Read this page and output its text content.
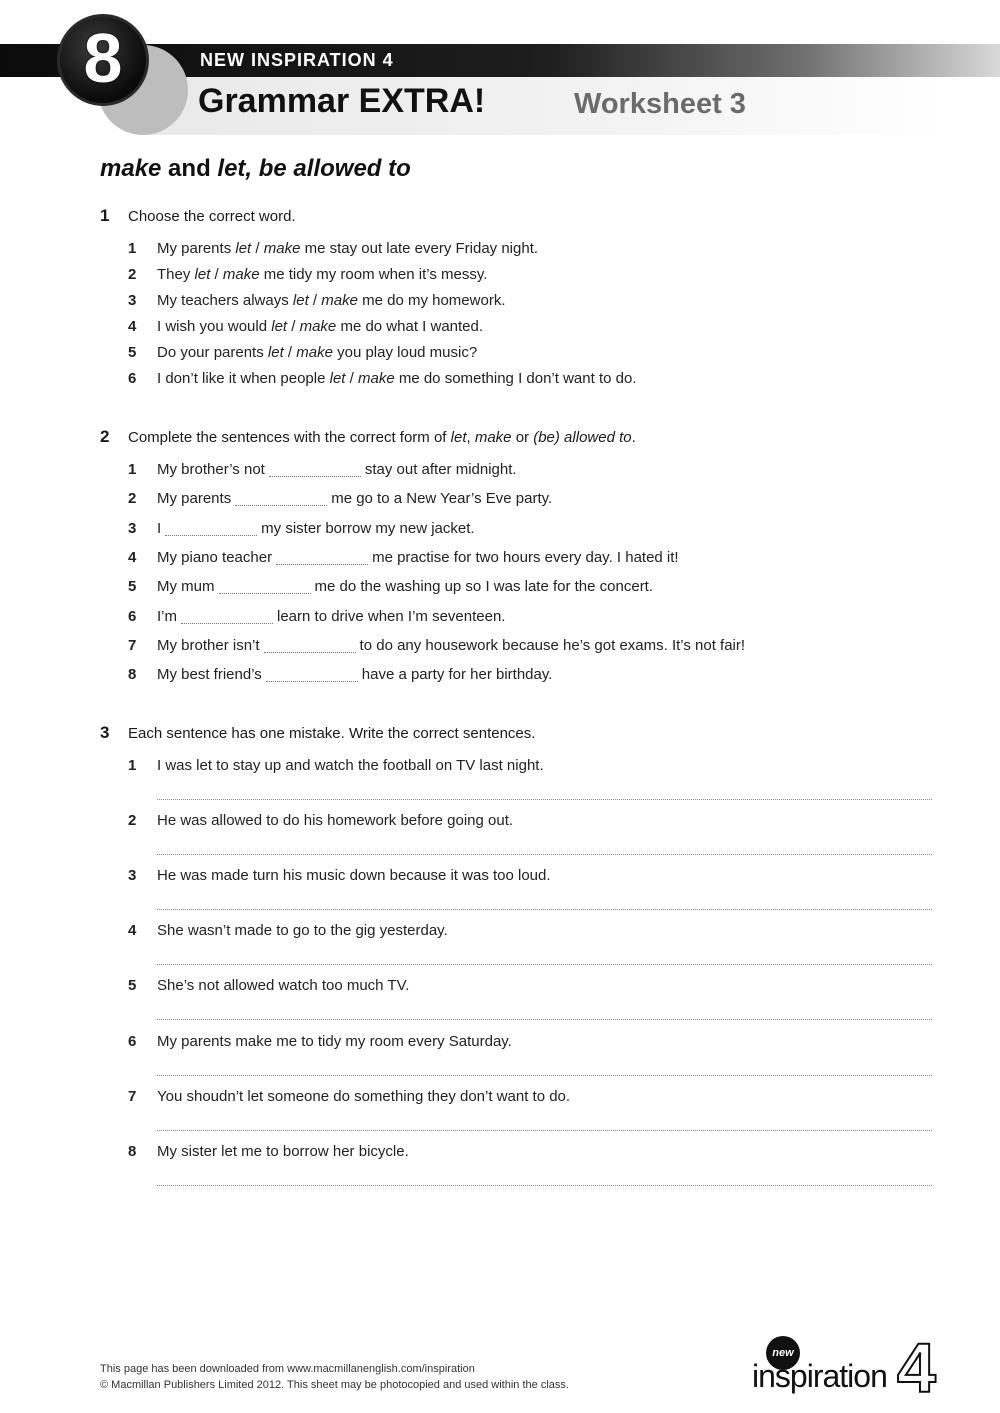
8	NEW INSPIRATION 4
Grammar EXTRA!	Worksheet 3
make and let, be allowed to
1 Choose the correct word.
1 My parents let / make me stay out late every Friday night.
2 They let / make me tidy my room when it’s messy.
3 My teachers always let / make me do my homework.
4 I wish you would let / make me do what I wanted.
5 Do your parents let / make you play loud music?
6 I don’t like it when people let / make me do something I don’t want to do.
2 Complete the sentences with the correct form of let, make or (be) allowed to.
1 My brother’s not	stay out after midnight.
2 My parents	me go to a New Year’s Eve party.
3 I	my sister borrow my new jacket.
4 My piano teacher	me practise for two hours every day. I hated it!
5 My mum	me do the washing up so I was late for the concert.
6 I’m	learn to drive when I’m seventeen.
7 My brother isn’t	to do any housework because he’s got exams. It’s not fair!
8 My best friend’s	have a party for her birthday.
3 Each sentence has one mistake. Write the correct sentences.
1 I was let to stay up and watch the football on TV last night.
2 He was allowed to do his homework before going out.
3 He was made turn his music down because it was too loud.
4 She wasn’t made to go to the gig yesterday.
5 She’s not allowed watch too much TV.
6 My parents make me to tidy my room every Saturday.
7 You shoudn’t let someone do something they don’t want to do.
8 My sister let me to borrow her bicycle.
This page has been downloaded from www.macmillanenglish.com/inspiration
© Macmillan Publishers Limited 2012. This sheet may be photocopied and used within the class.
new
inspiration 4
